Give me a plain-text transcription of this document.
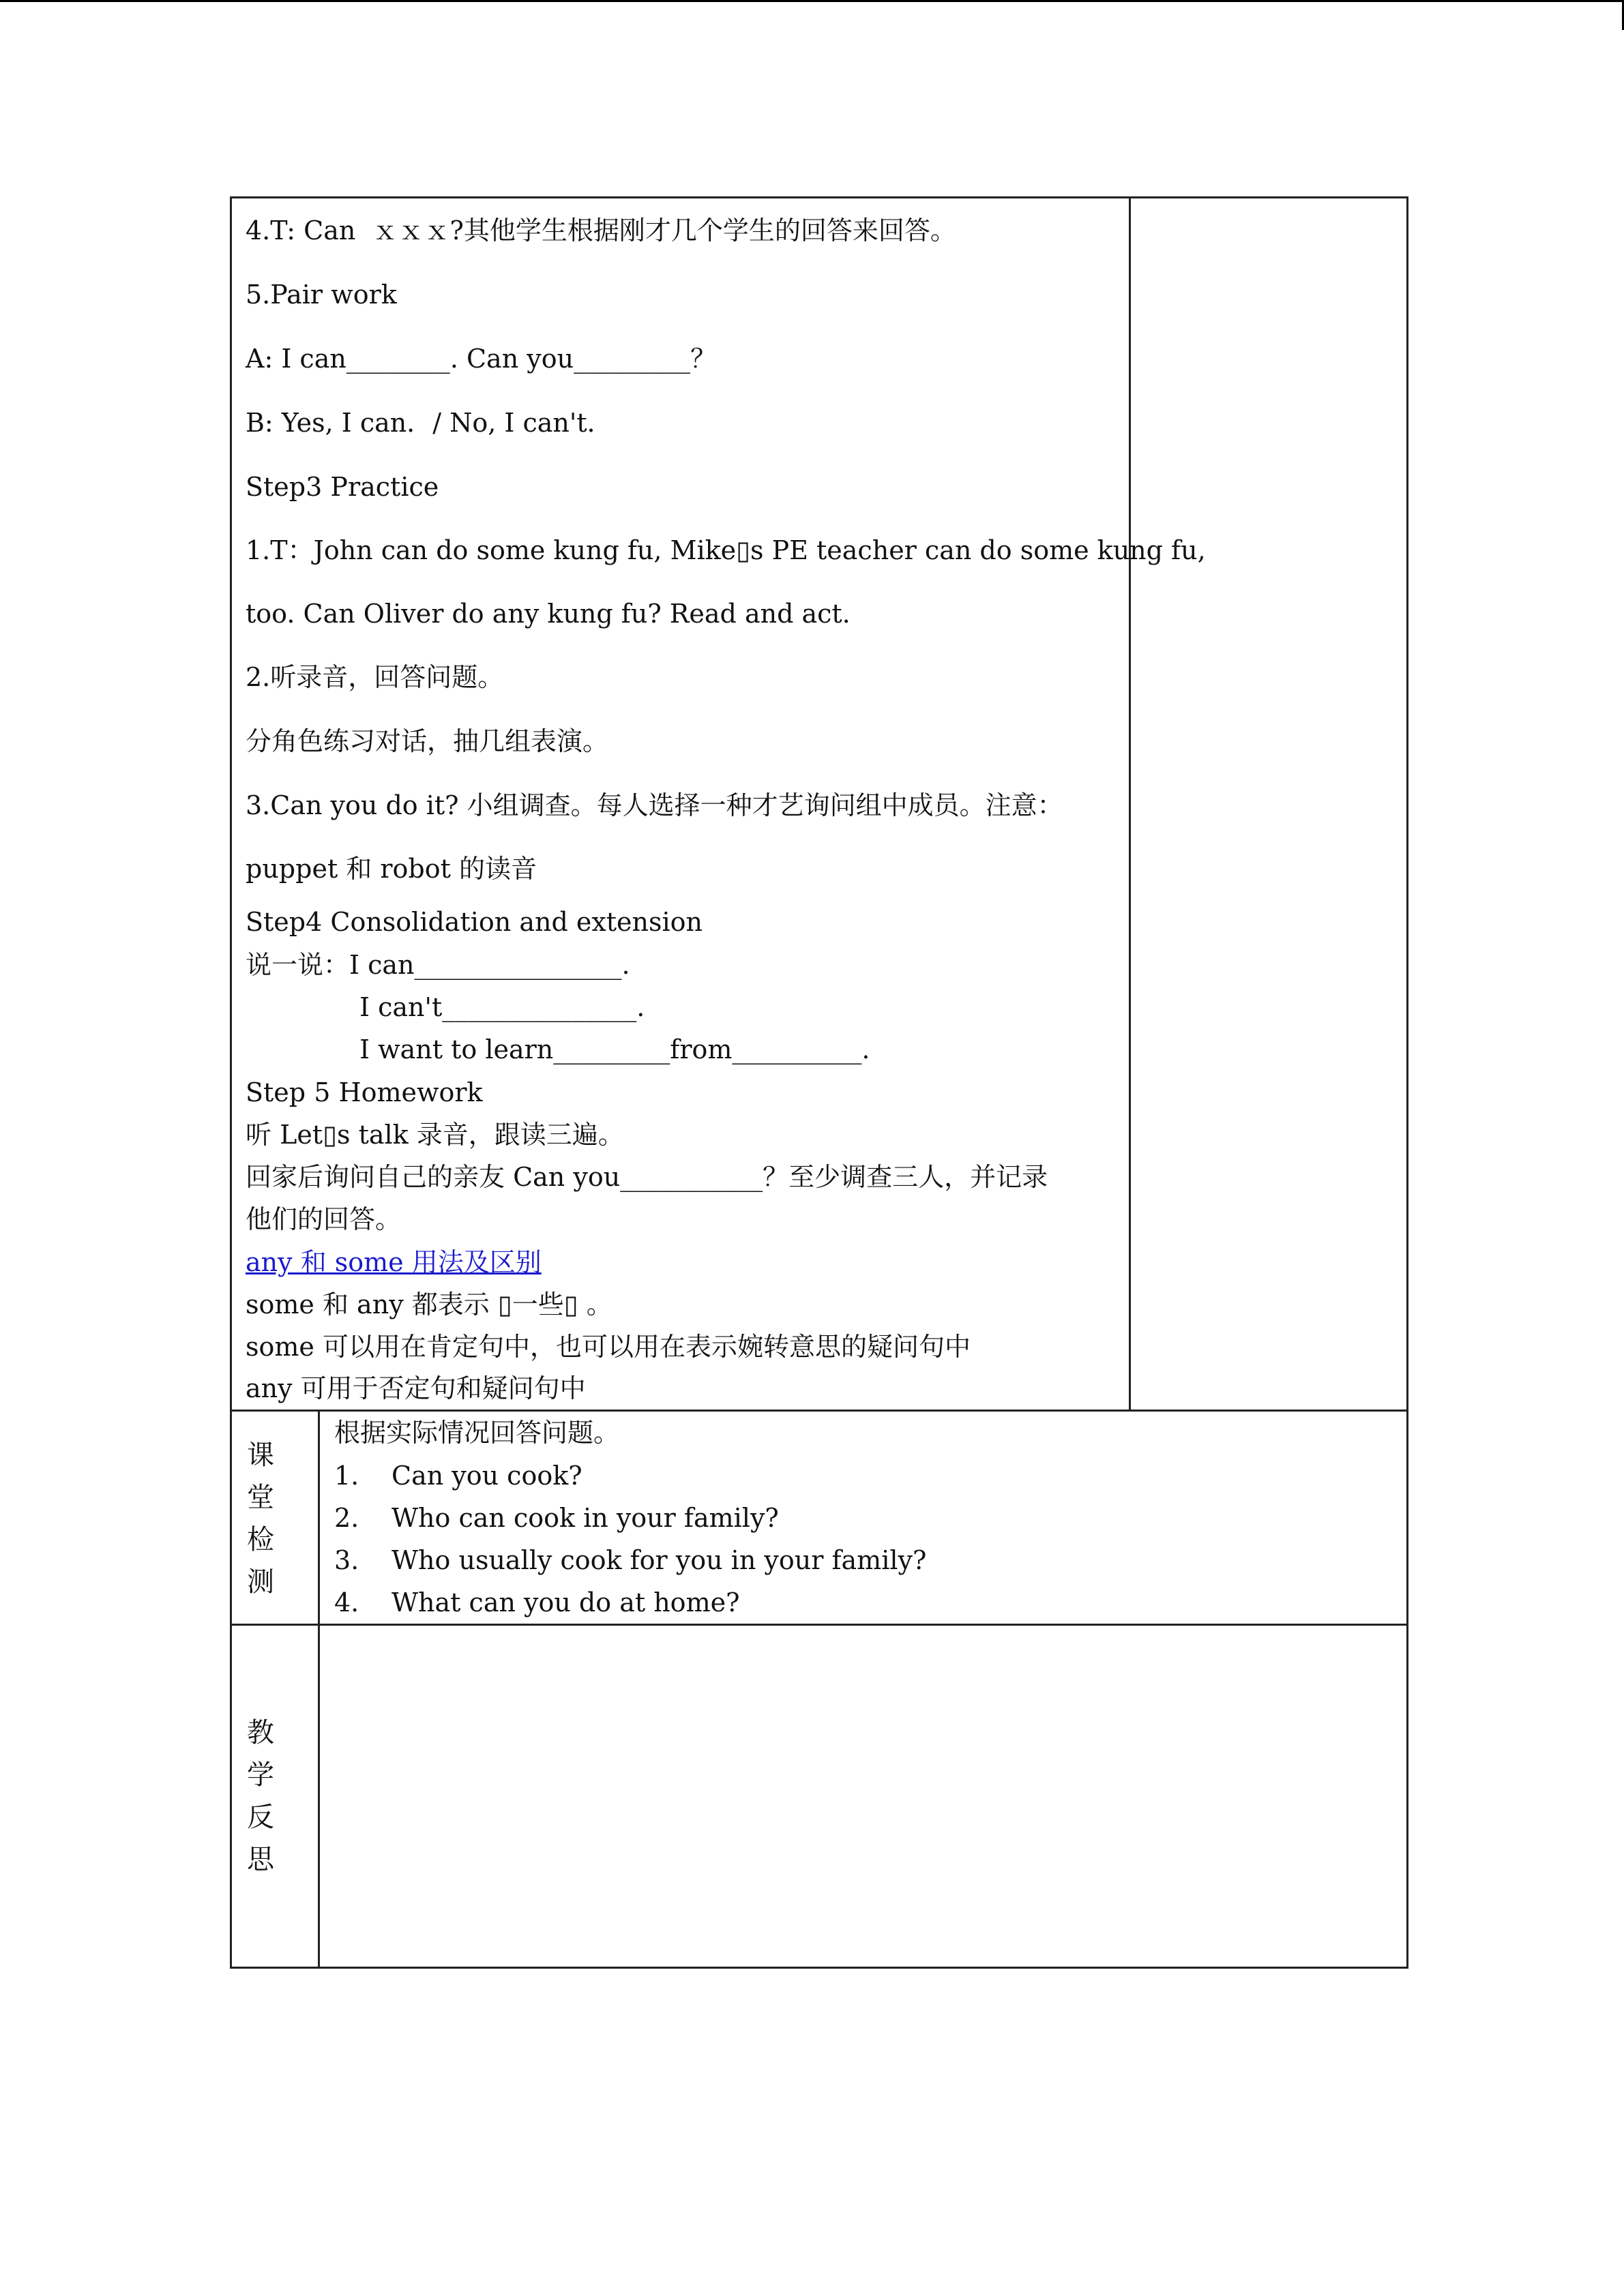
4.T: Can  ｘｘｘ?其他学生根据刚才几个学生的回答来回答。
5.Pair work
A: I can________. Can you_________？
B: Yes, I can．/ No, I can't．
Step3 Practice
1.T：John can do some kung fu, Mike▯s PE teacher can do some kung fu,
too. Can Oliver do any kung fu? Read and act.
2.听录音，回答问题。
分角色练习对话，抽几组表演。
3.Can you do it? 小组调查。每人选择一种才艺询问组中成员。注意：
puppet 和 robot 的读音
Step4 Consolidation and extension
说一说：I can________________.
I can't_______________.
I want to learn_________from__________.
Step 5 Homework
听 Let▯s talk 录音，跟读三遍。
回家后询问自己的亲友 Can you___________？至少调查三人，并记录
他们的回答。
any 和 some 用法及区别
some 和 any 都表示 ▯一些▯ 。
some 可以用在肯定句中，也可以用在表示婉转意思的疑问句中
any 可用于否定句和疑问句中
课
堂
检
测
根据实际情况回答问题。
1. Can you cook?
2. Who can cook in your family?
3. Who usually cook for you in your family?
4. What can you do at home?
教
学
反
思
